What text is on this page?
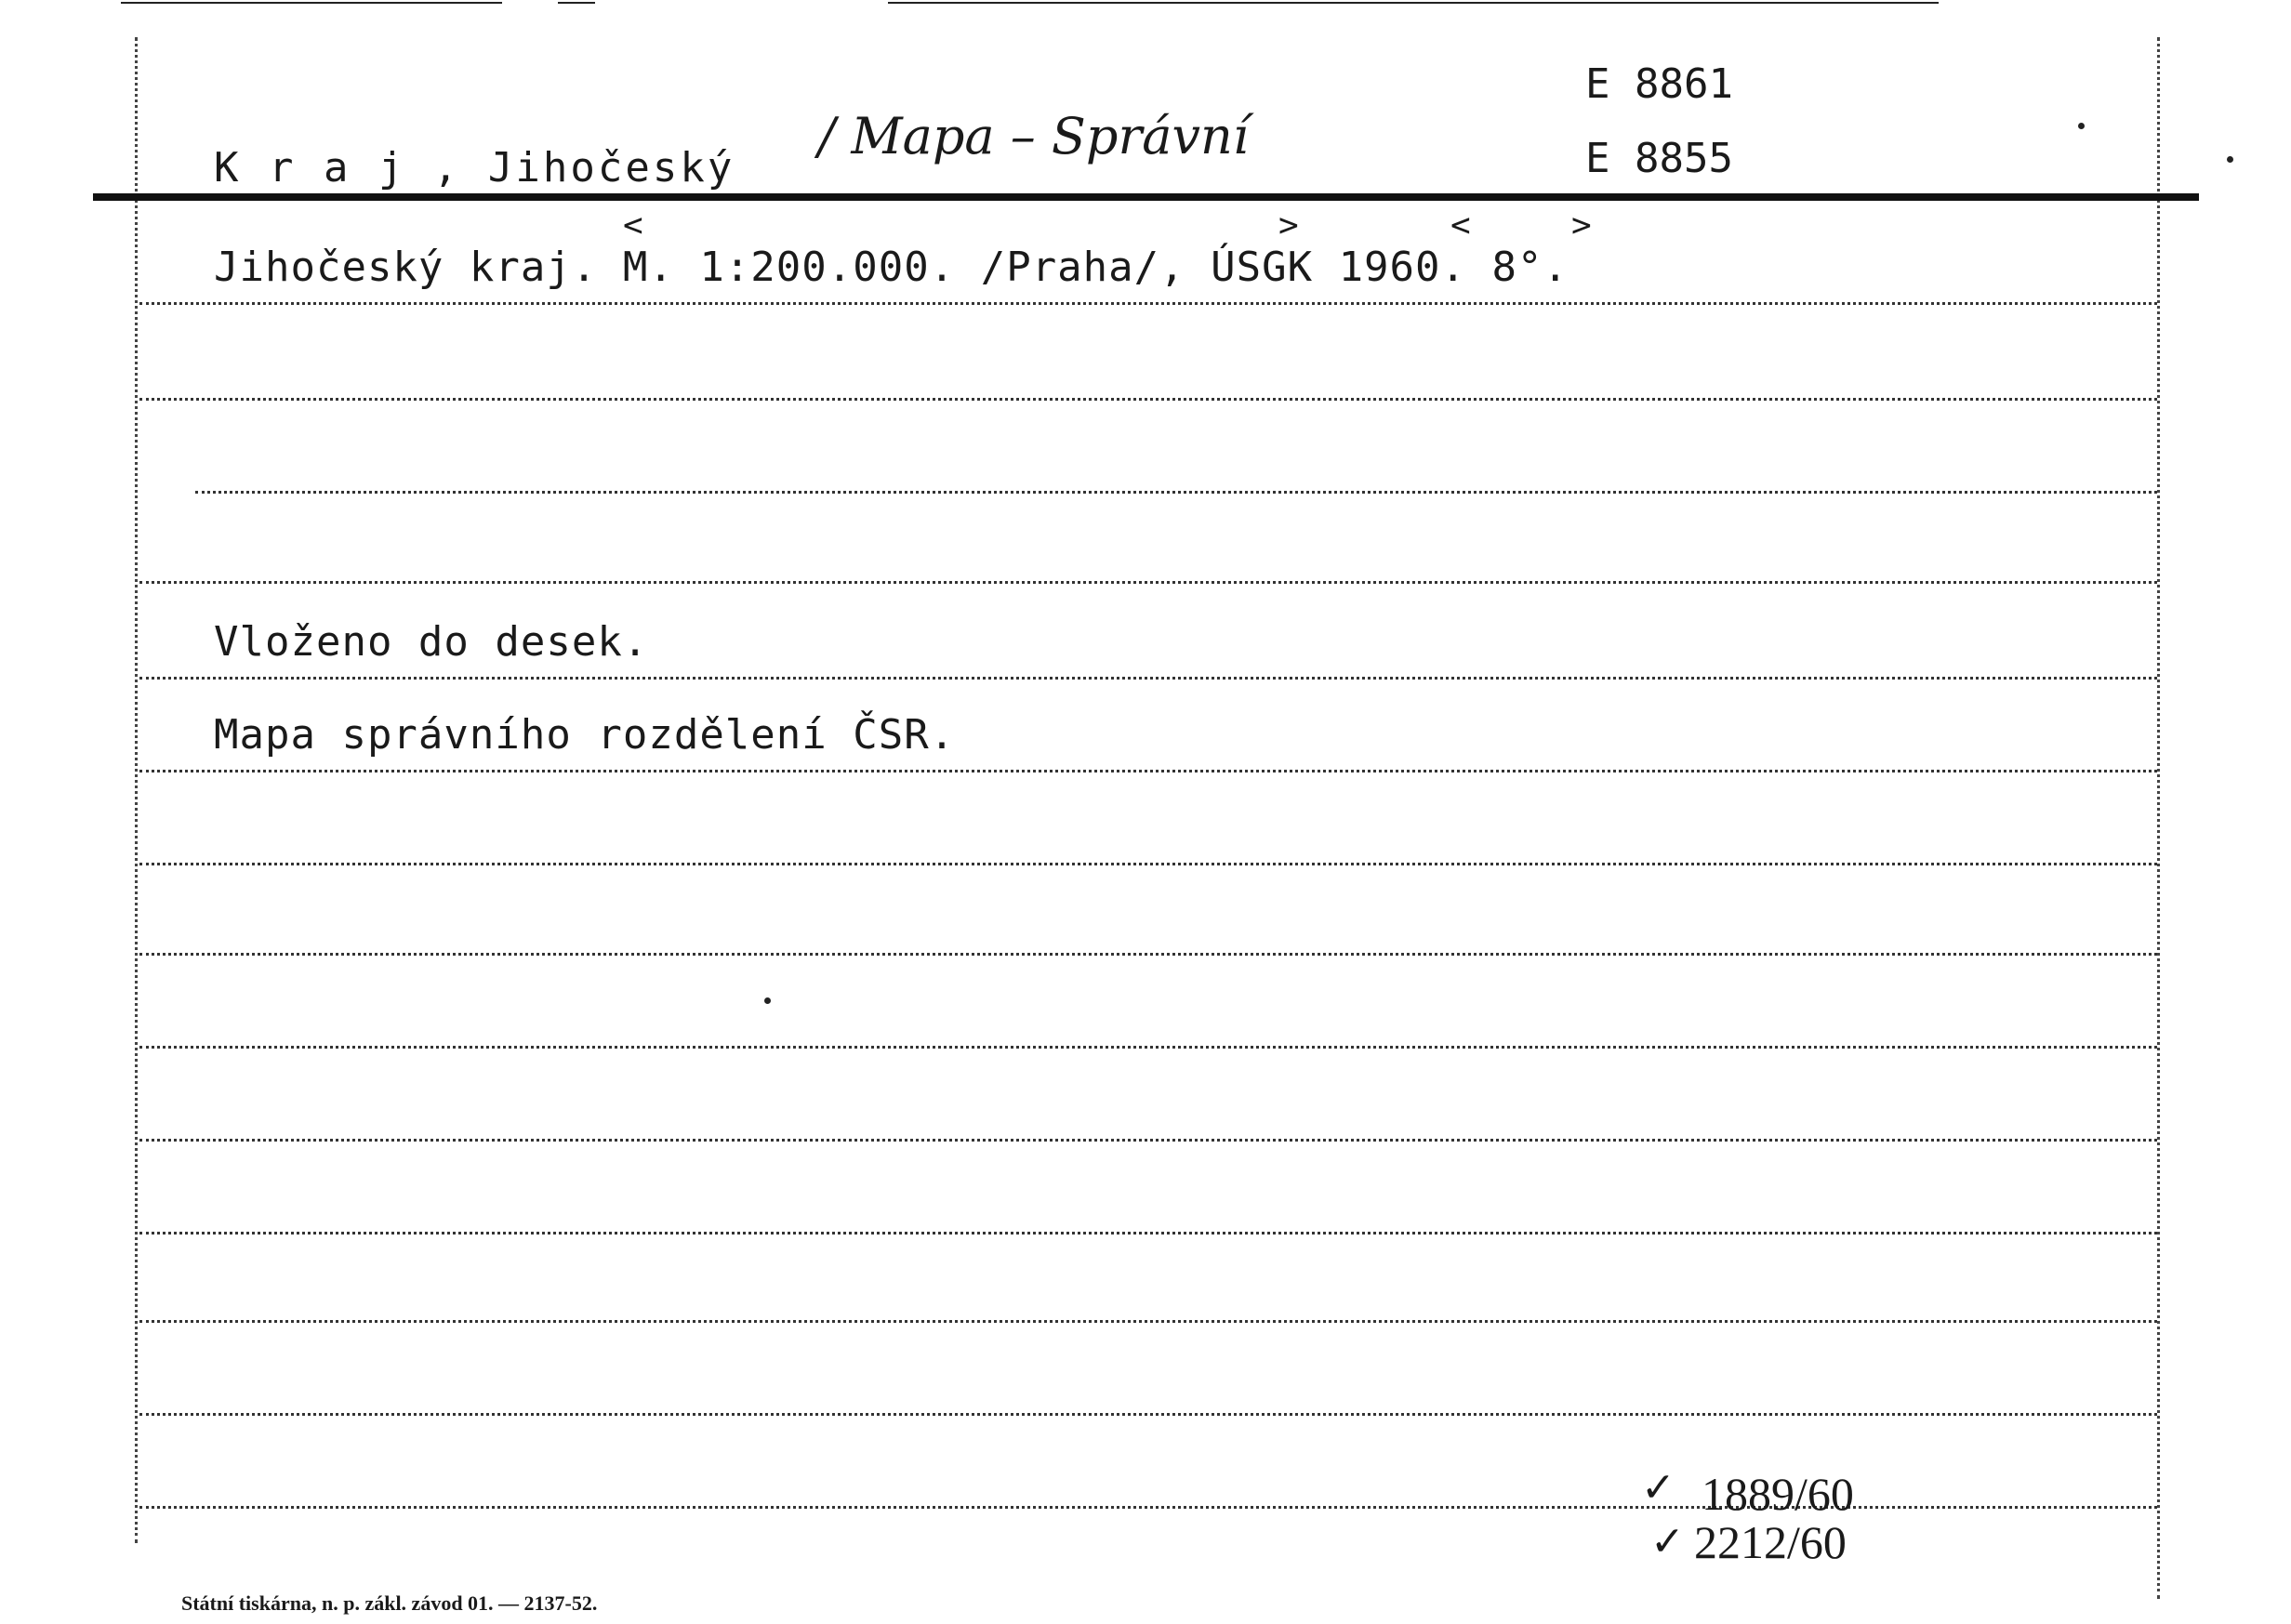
K r a j , Jihočeský
/ Mapa – Správní
E 8861
E 8855
<	>	<	>
Jihočeský kraj. M. 1:200.000. /Praha/, ÚSGK 1960. 8°.
Vloženo do desek.
Mapa správního rozdělení ČSR.
✓ 1889/60
✓ 2212/60
Státní tiskárna, n. p. zákl. závod 01. — 2137-52.
